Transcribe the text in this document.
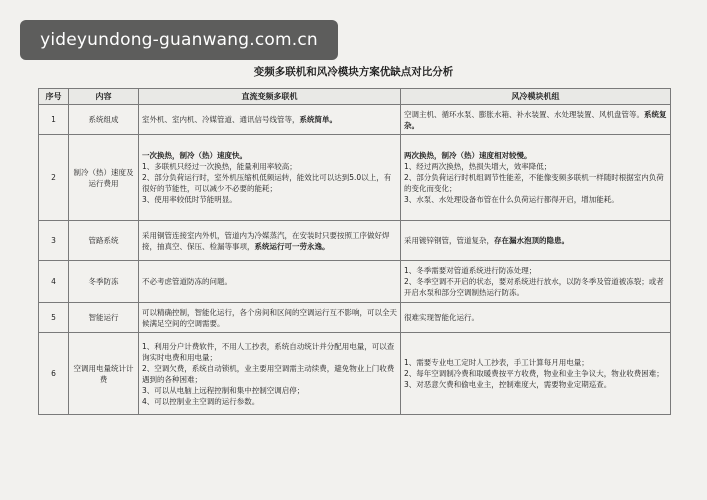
yideyundong-guanwang.com.cn
变频多联机和风冷模块方案优缺点对比分析
序号	内容	直流变频多联机	风冷模块机组
1	系统组成	室外机、室内机、冷媒管道、通讯信号线管等，系统简单。	空调主机、循环水泵、膨胀水箱、补水装置、水处理装置、风机盘管等。系统复杂。
2	制冷（热）速度及运行费用	一次换热，制冷（热）速度快。
1、多联机只经过一次换热，能量利用率较高；
2、部分负荷运行时，室外机压缩机低频运转，能效比可以达到5.0以上，有很好的节能性，可以减少不必要的能耗；
3、使用率较低时节能明显。	两次换热，制冷（热）速度相对较慢。
1、经过两次换热，热损失增大，效率降低；
2、部分负荷运行时机组调节性能差，不能像变频多联机一样随时根据室内负荷的变化而变化；
3、水泵、水处理设备布管在什么负荷运行都得开启，增加能耗。

3	管路系统	采用铜管连接室内外机，管道内为冷媒蒸汽，在安装时只要按照工序做好焊接，抽真空、保压、检漏等事项，系统运行可一劳永逸。	采用镀锌钢管，管道复杂，存在漏水泡顶的隐患。
4	冬季防冻	不必考虑管道防冻的问题。	1、冬季需要对管道系统进行防冻处理；
2、冬季空调不开启的状态，要对系统进行放水，以防冬季及管道被冻裂；或者开启水泵和部分空调制热运行防冻。

5	智能运行	可以精确控制，智能化运行，各个房间和区间的空调运行互不影响，可以全天候满足空间的空调需要。	很难实现智能化运行。
6	空调用电量统计计费	1、利用分户计费软件，不用人工抄表，系统自动统计并分配用电量，可以查询实时电费和用电量；
2、空调欠费，系统自动锁机，业主要用空调需主动续费，避免物业上门收费遇到的各种困难；
3、可以从电脑上远程控制和集中控制空调启停；
4、可以控制业主空调的运行参数。	1、需要专业电工定时人工抄表，手工计算每月用电量；
2、每年空调制冷费和取暖费按平方收费，物业和业主争议大，物业收费困难；
3、对恶意欠费和偷电业主，控制难度大，需要物业定期巡查。
